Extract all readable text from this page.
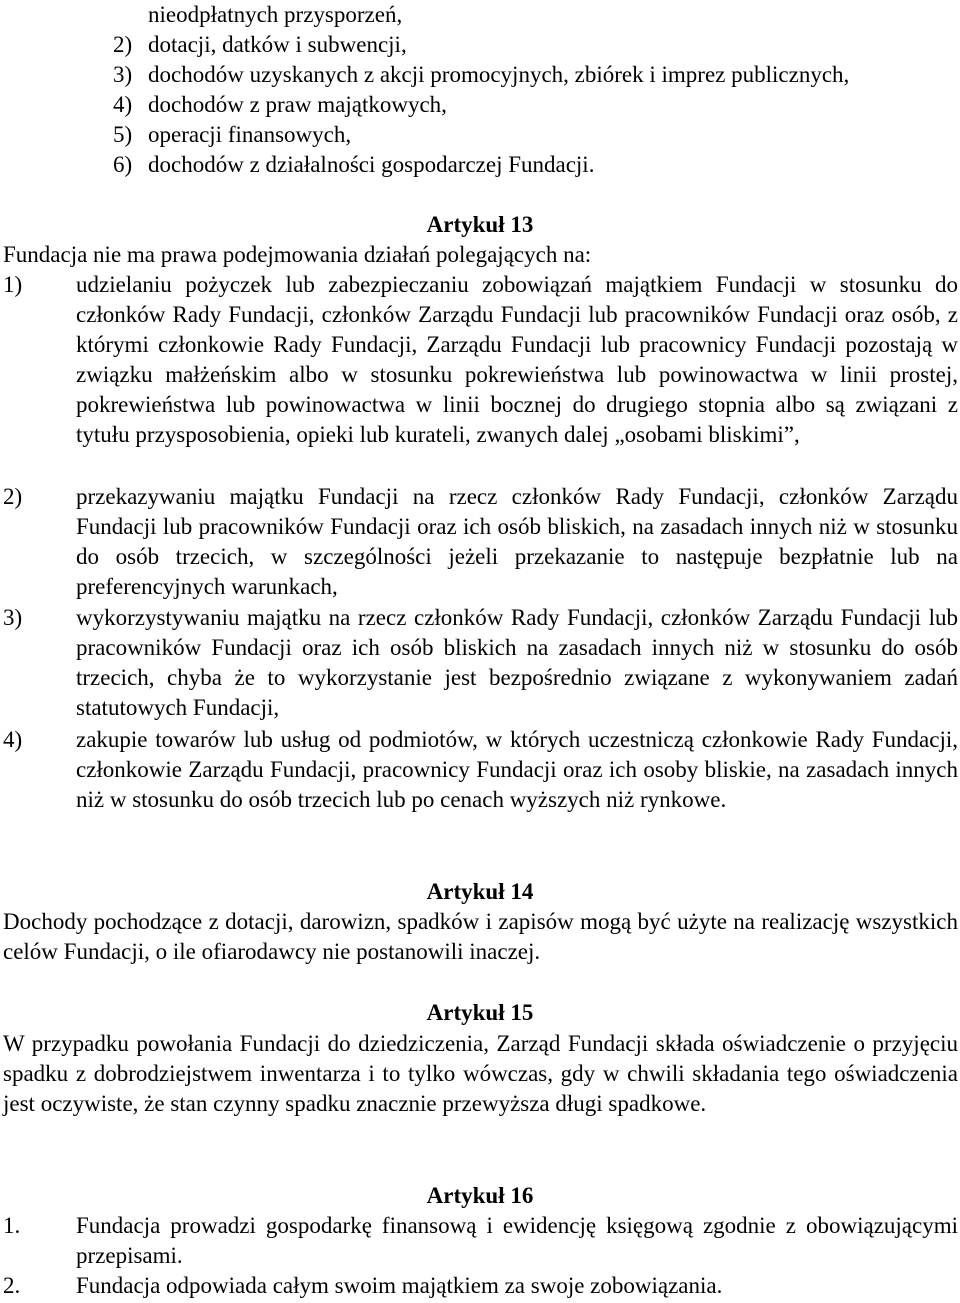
nieodpłatnych przysporzeń,
2) dotacji, datków i subwencji,
3) dochodów uzyskanych z akcji promocyjnych, zbiórek i imprez publicznych,
4) dochodów z praw majątkowych,
5) operacji finansowych,
6) dochodów z działalności gospodarczej Fundacji.
Artykuł 13
Fundacja nie ma prawa podejmowania działań polegających na:
1) udzielaniu pożyczek lub zabezpieczaniu zobowiązań majątkiem Fundacji w stosunku do członków Rady Fundacji, członków Zarządu Fundacji lub pracowników Fundacji oraz osób, z którymi członkowie Rady Fundacji, Zarządu Fundacji lub pracownicy Fundacji pozostają w związku małżeńskim albo w stosunku pokrewieństwa lub powinowactwa w linii prostej, pokrewieństwa lub powinowactwa w linii bocznej do drugiego stopnia albo są związani z tytułu przysposobienia, opieki lub kurateli, zwanych dalej „osobami bliskimi”,
2) przekazywaniu majątku Fundacji na rzecz członków Rady Fundacji, członków Zarządu Fundacji lub pracowników Fundacji oraz ich osób bliskich, na zasadach innych niż w stosunku do osób trzecich, w szczególności jeżeli przekazanie to następuje bezpłatnie lub na preferencyjnych warunkach,
3) wykorzystywaniu majątku na rzecz członków Rady Fundacji, członków Zarządu Fundacji lub pracowników Fundacji oraz ich osób bliskich na zasadach innych niż w stosunku do osób trzecich, chyba że to wykorzystanie jest bezpośrednio związane z wykonywaniem zadań statutowych Fundacji,
4) zakupie towarów lub usług od podmiotów, w których uczestniczą członkowie Rady Fundacji, członkowie Zarządu Fundacji, pracownicy Fundacji oraz ich osoby bliskie, na zasadach innych niż w stosunku do osób trzecich lub po cenach wyższych niż rynkowe.
Artykuł 14
Dochody pochodzące z dotacji, darowizn, spadków i zapisów mogą być użyte na realizację wszystkich celów Fundacji, o ile ofiarodawcy nie postanowili inaczej.
Artykuł 15
W przypadku powołania Fundacji do dziedziczenia, Zarząd Fundacji składa oświadczenie o przyjęciu spadku z dobrodziejstwem inwentarza i to tylko wówczas, gdy w chwili składania tego oświadczenia jest oczywiste, że stan czynny spadku znacznie przewyższa długi spadkowe.
Artykuł 16
1. Fundacja prowadzi gospodarkę finansową i ewidencję księgową zgodnie z obowiązującymi przepisami.
2. Fundacja odpowiada całym swoim majątkiem za swoje zobowiązania.
